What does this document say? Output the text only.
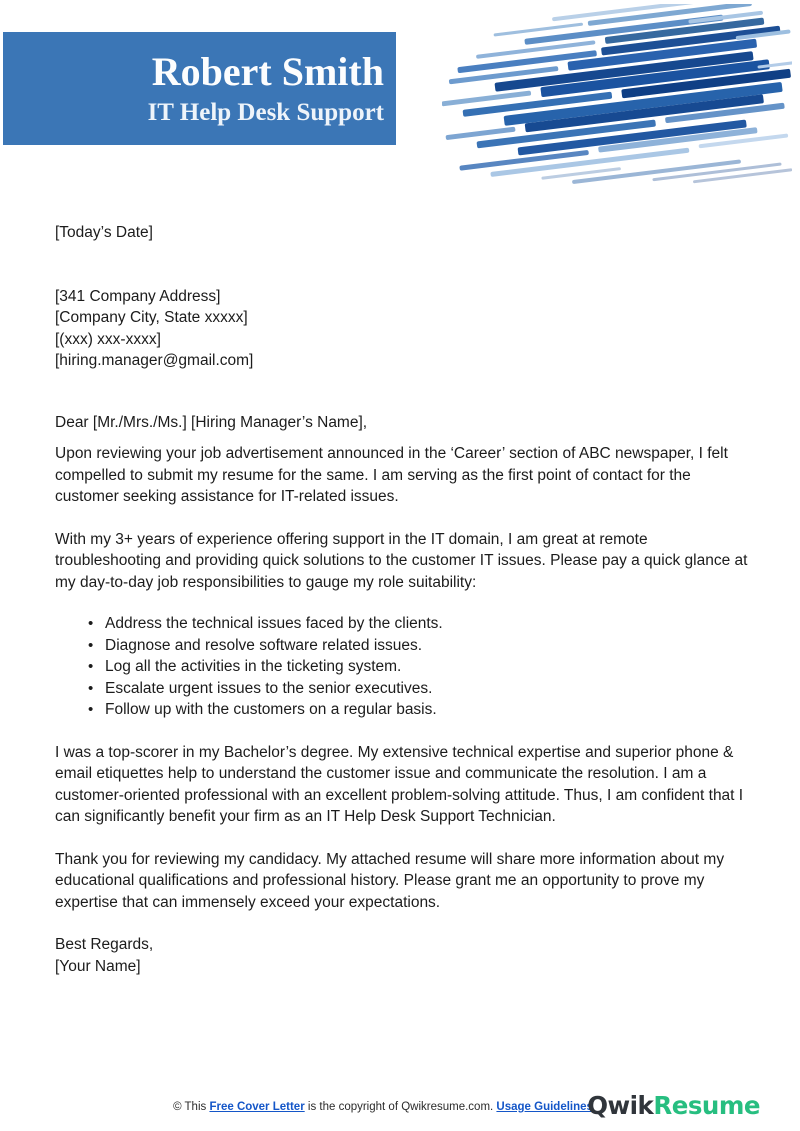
Robert Smith
IT Help Desk Support

[Today’s Date]

[341 Company Address]
[Company City, State xxxxx]
[(xxx) xxx-xxxx]
[hiring.manager@gmail.com]

Dear [Mr./Mrs./Ms.] [Hiring Manager’s Name],

Upon reviewing your job advertisement announced in the ‘Career’ section of ABC newspaper, I felt compelled to submit my resume for the same. I am serving as the first point of contact for the customer seeking assistance for IT-related issues.

With my 3+ years of experience offering support in the IT domain, I am great at remote troubleshooting and providing quick solutions to the customer IT issues. Please pay a quick glance at my day-to-day job responsibilities to gauge my role suitability:

• Address the technical issues faced by the clients.
• Diagnose and resolve software related issues.
• Log all the activities in the ticketing system.
• Escalate urgent issues to the senior executives.
• Follow up with the customers on a regular basis.

I was a top-scorer in my Bachelor’s degree. My extensive technical expertise and superior phone & email etiquettes help to understand the customer issue and communicate the resolution. I am a customer-oriented professional with an excellent problem-solving attitude. Thus, I am confident that I can significantly benefit your firm as an IT Help Desk Support Technician.

Thank you for reviewing my candidacy. My attached resume will share more information about my educational qualifications and professional history. Please grant me an opportunity to prove my expertise that can immensely exceed your expectations.

Best Regards,
[Your Name]

© This Free Cover Letter is the copyright of Qwikresume.com. Usage Guidelines
QwikResume
